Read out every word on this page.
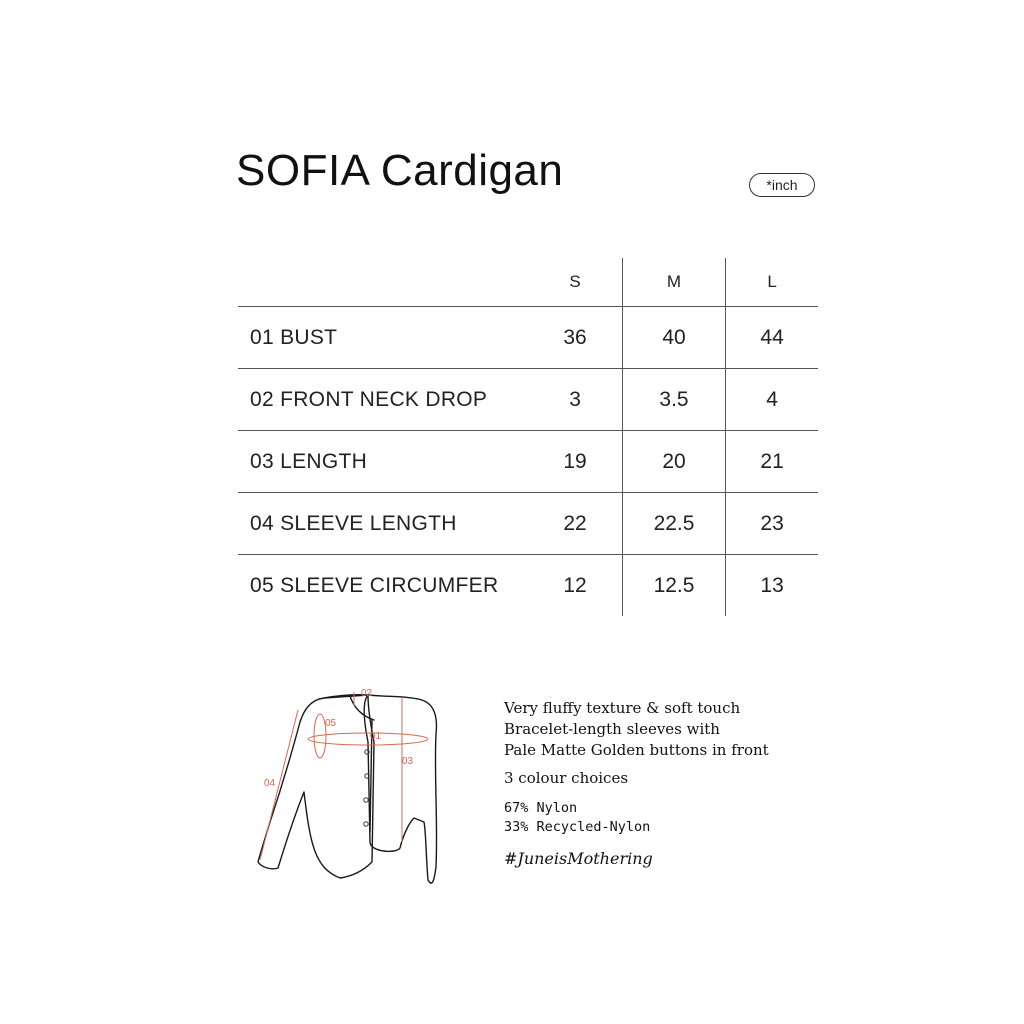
SOFIA Cardigan	*inch
	S	M	L
01 BUST	36	40	44
02 FRONT NECK DROP	3	3.5	4
03 LENGTH	19	20	21
04 SLEEVE LENGTH	22	22.5	23
05 SLEEVE CIRCUMFER	12	12.5	13
02
05
01
03
04
Very fluffy texture & soft touch
Bracelet-length sleeves with
Pale Matte Golden buttons in front
3 colour choices
67% Nylon
33% Recycled-Nylon
#JuneisMothering
